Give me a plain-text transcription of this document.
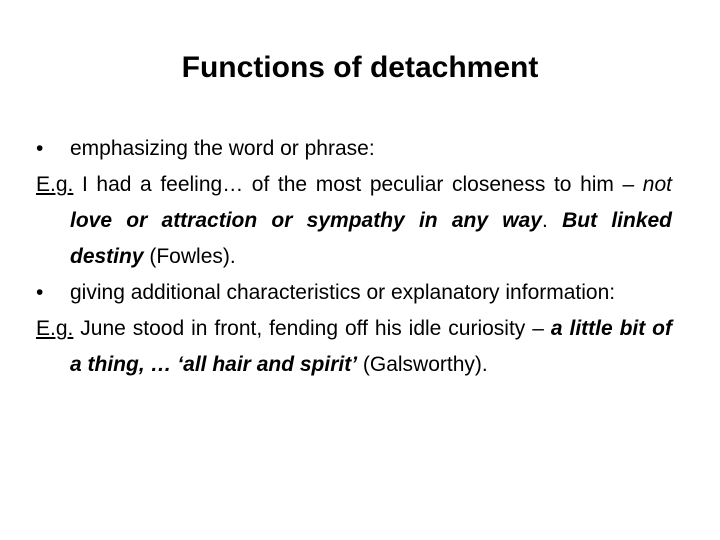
Functions of detachment

• emphasizing the word or phrase:

E.g. I had a feeling… of the most peculiar closeness to him – not love or attraction or sympathy in any way. But linked destiny (Fowles).

• giving additional characteristics or explanatory information:

E.g. June stood in front, fending off his idle curiosity – a little bit of a thing, … ‘all hair and spirit’ (Galsworthy).
